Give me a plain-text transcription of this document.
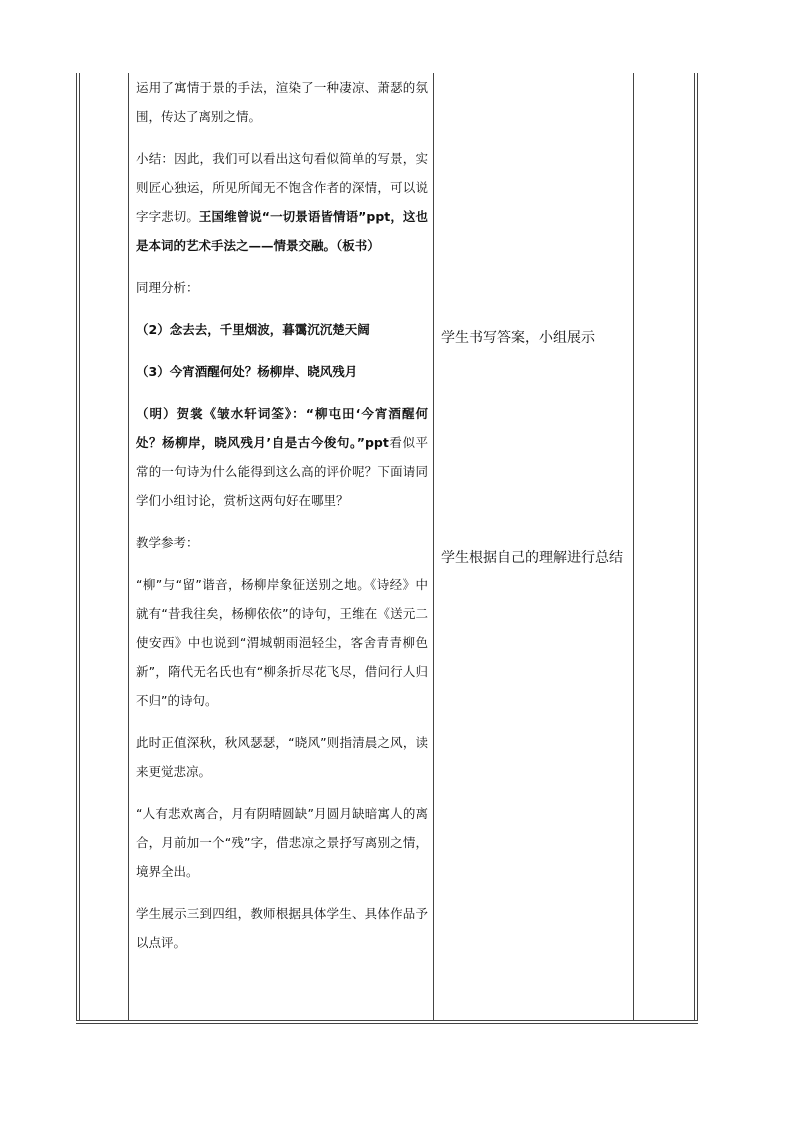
运用了寓情于景的手法，渲染了一种凄凉、萧瑟的氛围，传达了离别之情。

小结：因此，我们可以看出这句看似简单的写景，实则匠心独运，所见所闻无不饱含作者的深情，可以说字字悲切。王国维曾说“一切景语皆情语”ppt，这也是本词的艺术手法之——情景交融。（板书）

同理分析：

（2）念去去，千里烟波，暮霭沉沉楚天阔

（3）今宵酒醒何处？杨柳岸、晓风残月

（明）贺裳《皱水轩词筌》：“柳屯田‘今宵酒醒何处？杨柳岸，晓风残月’自是古今俊句。”ppt看似平常的一句诗为什么能得到这么高的评价呢？下面请同学们小组讨论，赏析这两句好在哪里？

教学参考：

“柳”与“留”谐音，杨柳岸象征送别之地。《诗经》中就有“昔我往矣，杨柳依依”的诗句，王维在《送元二使安西》中也说到“渭城朝雨浥轻尘，客舍青青柳色新”，隋代无名氏也有“柳条折尽花飞尽，借问行人归不归”的诗句。

此时正值深秋，秋风瑟瑟，“晓风”则指清晨之风，读来更觉悲凉。

“人有悲欢离合，月有阴晴圆缺”月圆月缺暗寓人的离合，月前加一个“残”字，借悲凉之景抒写离别之情，境界全出。

学生展示三到四组，教师根据具体学生、具体作品予以点评。

学生书写答案，小组展示
学生根据自己的理解进行总结
